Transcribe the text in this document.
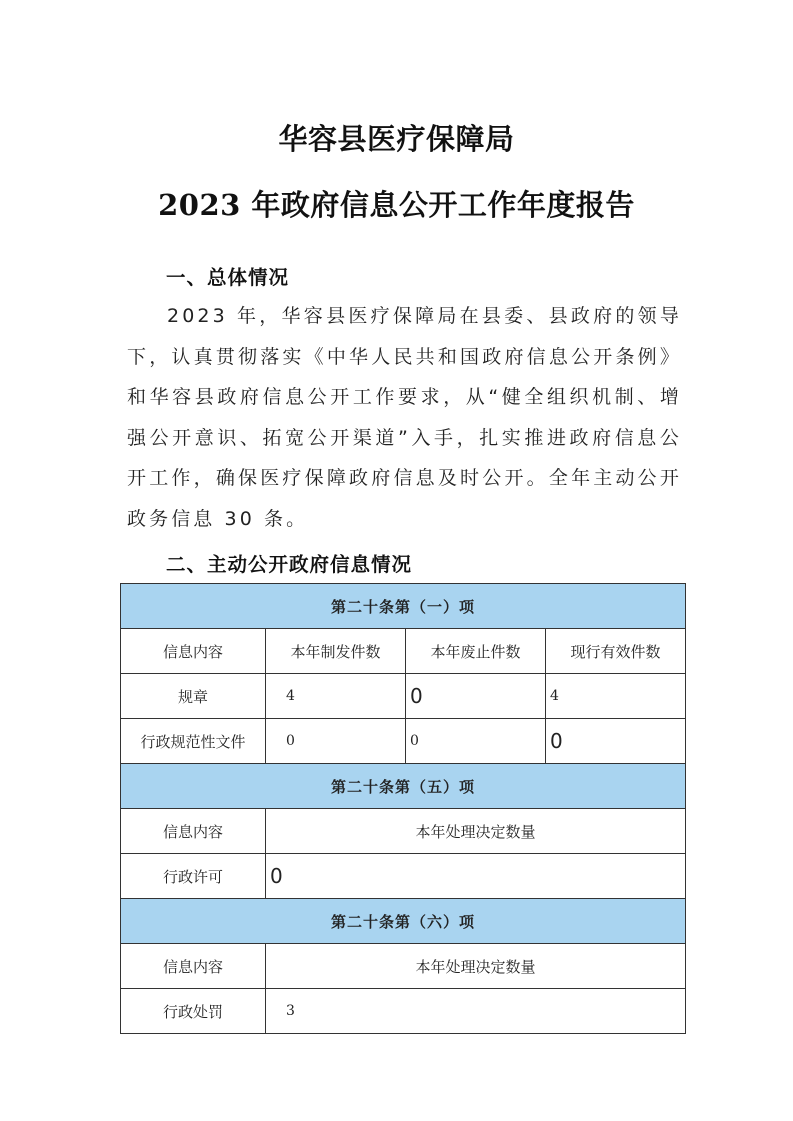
华容县医疗保障局
2023 年政府信息公开工作年度报告
一、总体情况
2023 年，华容县医疗保障局在县委、县政府的领导下，认真贯彻落实《中华人民共和国政府信息公开条例》和华容县政府信息公开工作要求，从“健全组织机制、增强公开意识、拓宽公开渠道”入手，扎实推进政府信息公开工作，确保医疗保障政府信息及时公开。全年主动公开政务信息 30 条。
二、主动公开政府信息情况
第二十条第（一）项			
信息内容	本年制发件数	本年废止件数	现行有效件数
规章	4	0	4
行政规范性文件	0	0	0
第二十条第（五）项			
信息内容	本年处理决定数量		
行政许可	0		
第二十条第（六）项			
信息内容	本年处理决定数量		
行政处罚	3		
